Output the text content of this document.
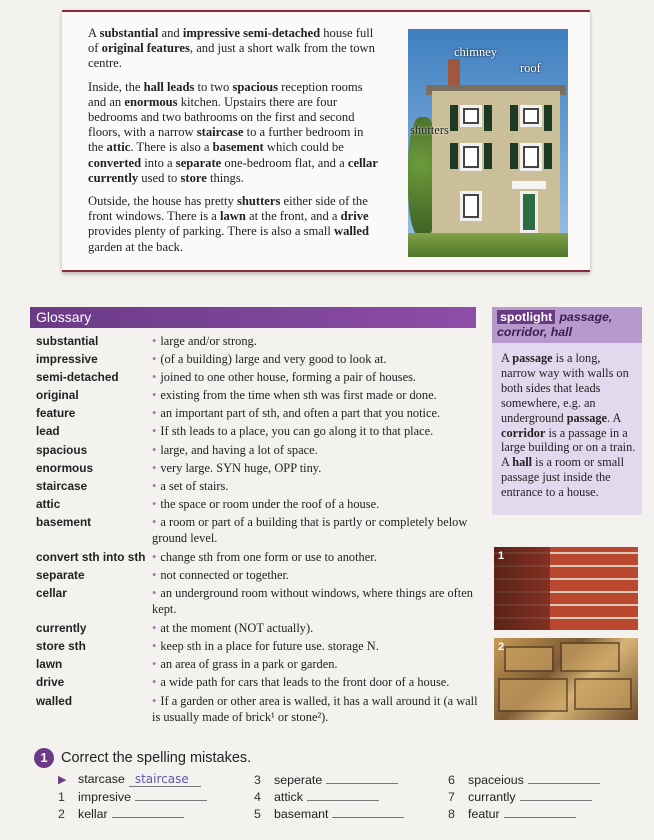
A substantial and impressive semi-detached house full of original features, and just a short walk from the town centre.

Inside, the hall leads to two spacious reception rooms and an enormous kitchen. Upstairs there are four bedrooms and two bathrooms on the first and second floors, with a narrow staircase to a further bedroom in the attic. There is also a basement which could be converted into a separate one-bedroom flat, and a cellar currently used to store things.

Outside, the house has pretty shutters either side of the front windows. There is a lawn at the front, and a drive provides plenty of parking. There is also a small walled garden at the back.

chimney
roof
shutters
Glossary
substantial	• large and/or strong.
impressive	• (of a building) large and very good to look at.
semi-detached	• joined to one other house, forming a pair of houses.
original	• existing from the time when sth was first made or done.
feature	• an important part of sth, and often a part that you notice.
lead	• If sth leads to a place, you can go along it to that place.
spacious	• large, and having a lot of space.
enormous	• very large. SYN huge, OPP tiny.
staircase	• a set of stairs.
attic	• the space or room under the roof of a house.
basement	• a room or part of a building that is partly or completely below ground level.
convert sth into sth	• change sth from one form or use to another.
separate	• not connected or together.
cellar	• an underground room without windows, where things are often kept.
currently	• at the moment (NOT actually).
store sth	• keep sth in a place for future use. storage N.
lawn	• an area of grass in a park or garden.
drive	• a wide path for cars that leads to the front door of a house.
walled	• If a garden or other area is walled, it has a wall around it (a wall is usually made of brick¹ or stone²).
spotlight passage, corridor, hall
A passage is a long, narrow way with walls on both sides that leads somewhere, e.g. an underground passage. A corridor is a passage in a large building or on a train. A hall is a room or small passage just inside the entrance to a house.
1
2
1 Correct the spelling mistakes.
▶ starcase staircase
1	impresive
2	kellar
3	seperate
4	attick
5	basemant
6	spaceious
7	currantly
8	featur
